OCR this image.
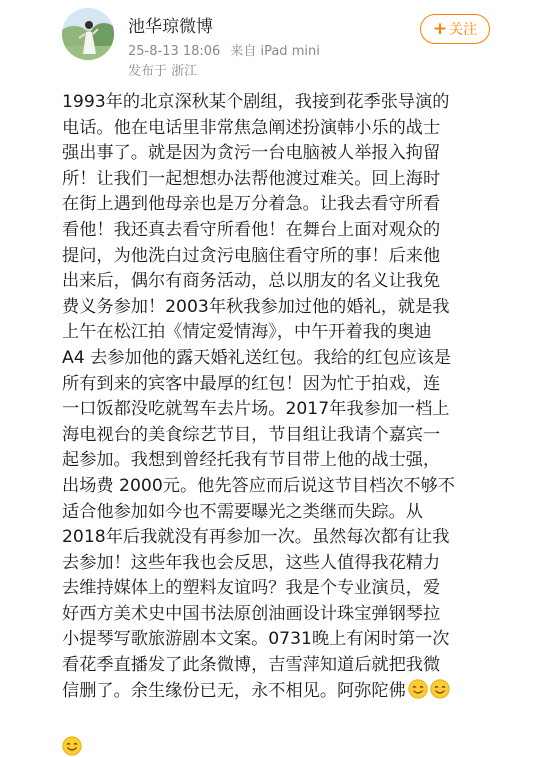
池华琼微博
25-8-13 18:06 来自 iPad mini
发布于 浙江
+ 关注
1993年的北京深秋某个剧组，我接到花季张导演的
电话。他在电话里非常焦急阐述扮演韩小乐的战士
强出事了。就是因为贪污一台电脑被人举报入拘留
所！让我们一起想想办法帮他渡过难关。回上海时
在街上遇到他母亲也是万分着急。让我去看守所看
看他！我还真去看守所看他！在舞台上面对观众的
提问，为他洗白过贪污电脑住看守所的事！后来他
出来后，偶尔有商务活动，总以朋友的名义让我免
费义务参加！2003年秋我参加过他的婚礼，就是我
上午在松江拍《情定爱情海》，中午开着我的奥迪
A4 去参加他的露天婚礼送红包。我给的红包应该是
所有到来的宾客中最厚的红包！因为忙于拍戏，连
一口饭都没吃就驾车去片场。2017年我参加一档上
海电视台的美食综艺节目，节目组让我请个嘉宾一
起参加。我想到曾经托我有节目带上他的战士强，
出场费 2000元。他先答应而后说这节目档次不够不
适合他参加如今也不需要曝光之类继而失踪。从
2018年后我就没有再参加一次。虽然每次都有让我
去参加！这些年我也会反思，这些人值得我花精力
去维持媒体上的塑料友谊吗？我是个专业演员，爱
好西方美术史中国书法原创油画设计珠宝弹钢琴拉
小提琴写歌旅游剧本文案。0731晚上有闲时第一次
看花季直播发了此条微博，吉雪萍知道后就把我微
信删了。余生缘份已无，永不相见。阿弥陀佛
